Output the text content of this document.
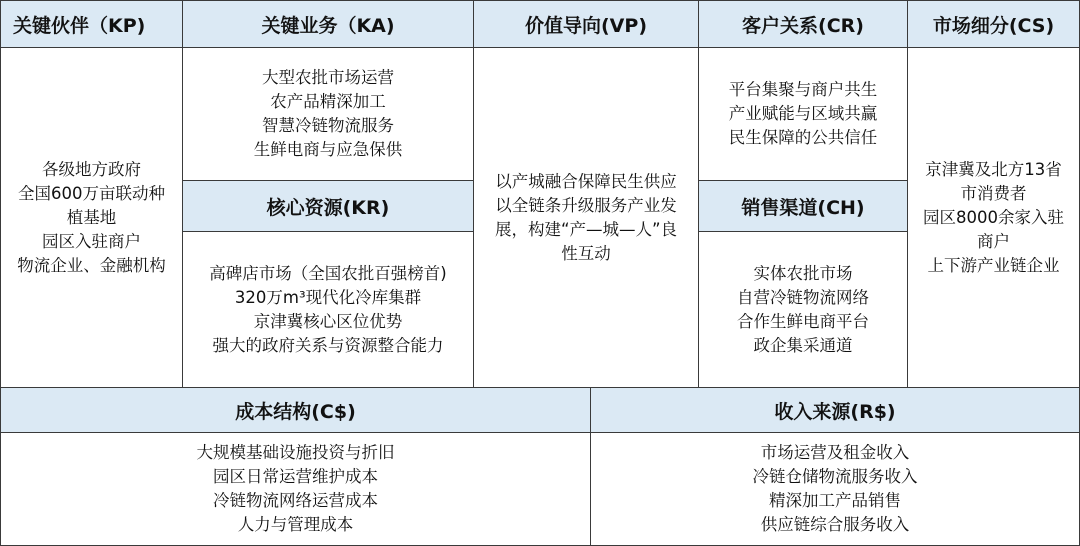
关键伙伴（KP)
各级地方政府
全国600万亩联动种
植基地
园区入驻商户
物流企业、金融机构
关键业务（KA)
大型农批市场运营
农产品精深加工
智慧冷链物流服务
生鲜电商与应急保供
核心资源(KR)
高碑店市场（全国农批百强榜首)
320万m³现代化冷库集群
京津冀核心区位优势
强大的政府关系与资源整合能力
价值导向(VP)
以产城融合保障民生供应
以全链条升级服务产业发
展，构建“产—城—人”良
性互动
客户关系(CR)
平台集聚与商户共生
产业赋能与区域共赢
民生保障的公共信任
销售渠道(CH)
实体农批市场
自营冷链物流网络
合作生鲜电商平台
政企集采通道
市场细分(CS)
京津冀及北方13省
市消费者
园区8000余家入驻
商户
上下游产业链企业
成本结构(C$)
大规模基础设施投资与折旧
园区日常运营维护成本
冷链物流网络运营成本
人力与管理成本
收入来源(R$)
市场运营及租金收入
冷链仓储物流服务收入
精深加工产品销售
供应链综合服务收入
